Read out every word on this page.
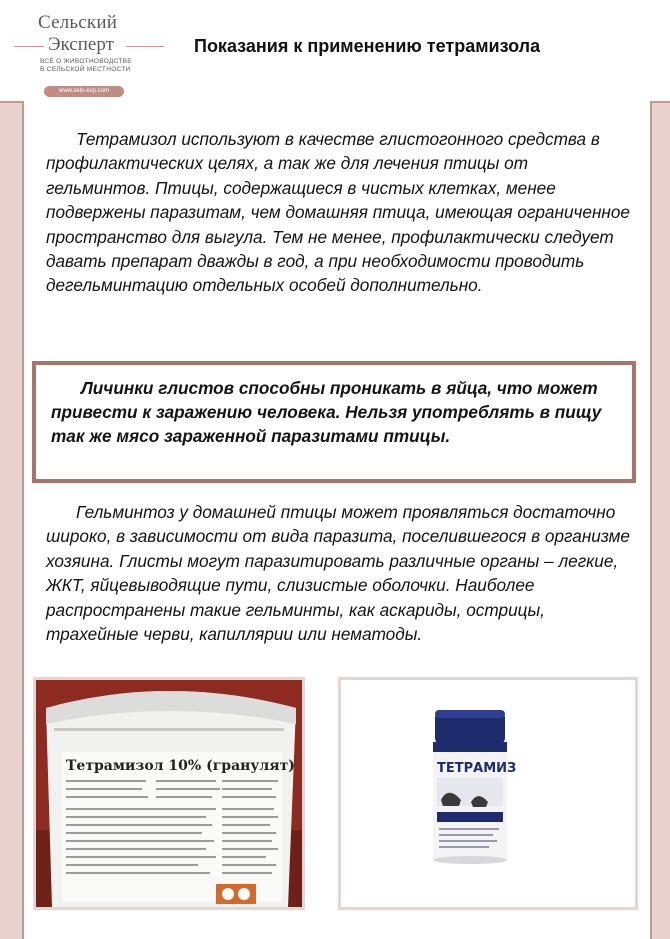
Сельский
Эксперт
ВСЁ О ЖИВОТНОВОДСТВЕ
В СЕЛЬСКОЙ МЕСТНОСТИ
www.selo-exp.com
Показания к применению тетрамизола

Тетрамизол используют в качестве глистогонного средства в профилактических целях, а так же для лечения птицы от гельминтов. Птицы, содержащиеся в чистых клетках, менее подвержены паразитам, чем домашняя птица, имеющая ограниченное пространство для выгула. Тем не менее, профилактически следует давать препарат дважды в год, а при необходимости проводить дегельминтацию отдельных особей дополнительно.

Личинки глистов способны проникать в яйца, что может привести к заражению человека. Нельзя употреблять в пищу так же мясо зараженной паразитами птицы.

Гельминтоз у домашней птицы может проявляться достаточно широко, в зависимости от вида паразита, поселившегося в организме хозяина. Глисты могут паразитировать различные органы – легкие, ЖКТ, яйцевыводящие пути, слизистые оболочки. Наиболее распространены такие гельминты, как аскариды, острицы, трахейные черви, капиллярии или нематоды.

Тетрамизол 10% (гранулят)	ТЕТРАМИЗ
